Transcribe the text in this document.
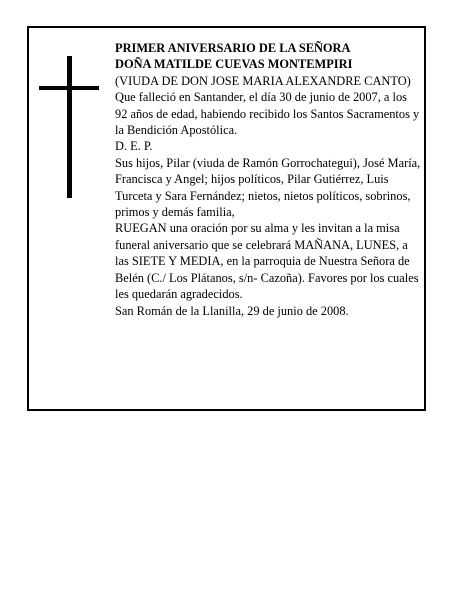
PRIMER ANIVERSARIO DE LA SEÑORA

DOÑA MATILDE CUEVAS MONTEMPIRI

(VIUDA DE DON JOSE MARIA ALEXANDRE CANTO)

Que falleció en Santander, el día 30 de junio de 2007, a los 92 años de edad, habiendo recibido los Santos Sacramentos y la Bendición Apostólica.

D. E. P.

Sus hijos, Pilar (viuda de Ramón Gorrochategui), José María, Francisca y Angel; hijos políticos, Pilar Gutiérrez, Luis Turceta y Sara Fernández; nietos, nietos políticos, sobrinos, primos y demás familia,

RUEGAN una oración por su alma y les invitan a la misa funeral aniversario que se celebrará MAÑANA, LUNES, a las SIETE Y MEDIA, en la parroquia de Nuestra Señora de Belén (C./ Los Plátanos, s/n- Cazoña). Favores por los cuales les quedarán agradecidos.

San Román de la Llanilla, 29 de junio de 2008.
